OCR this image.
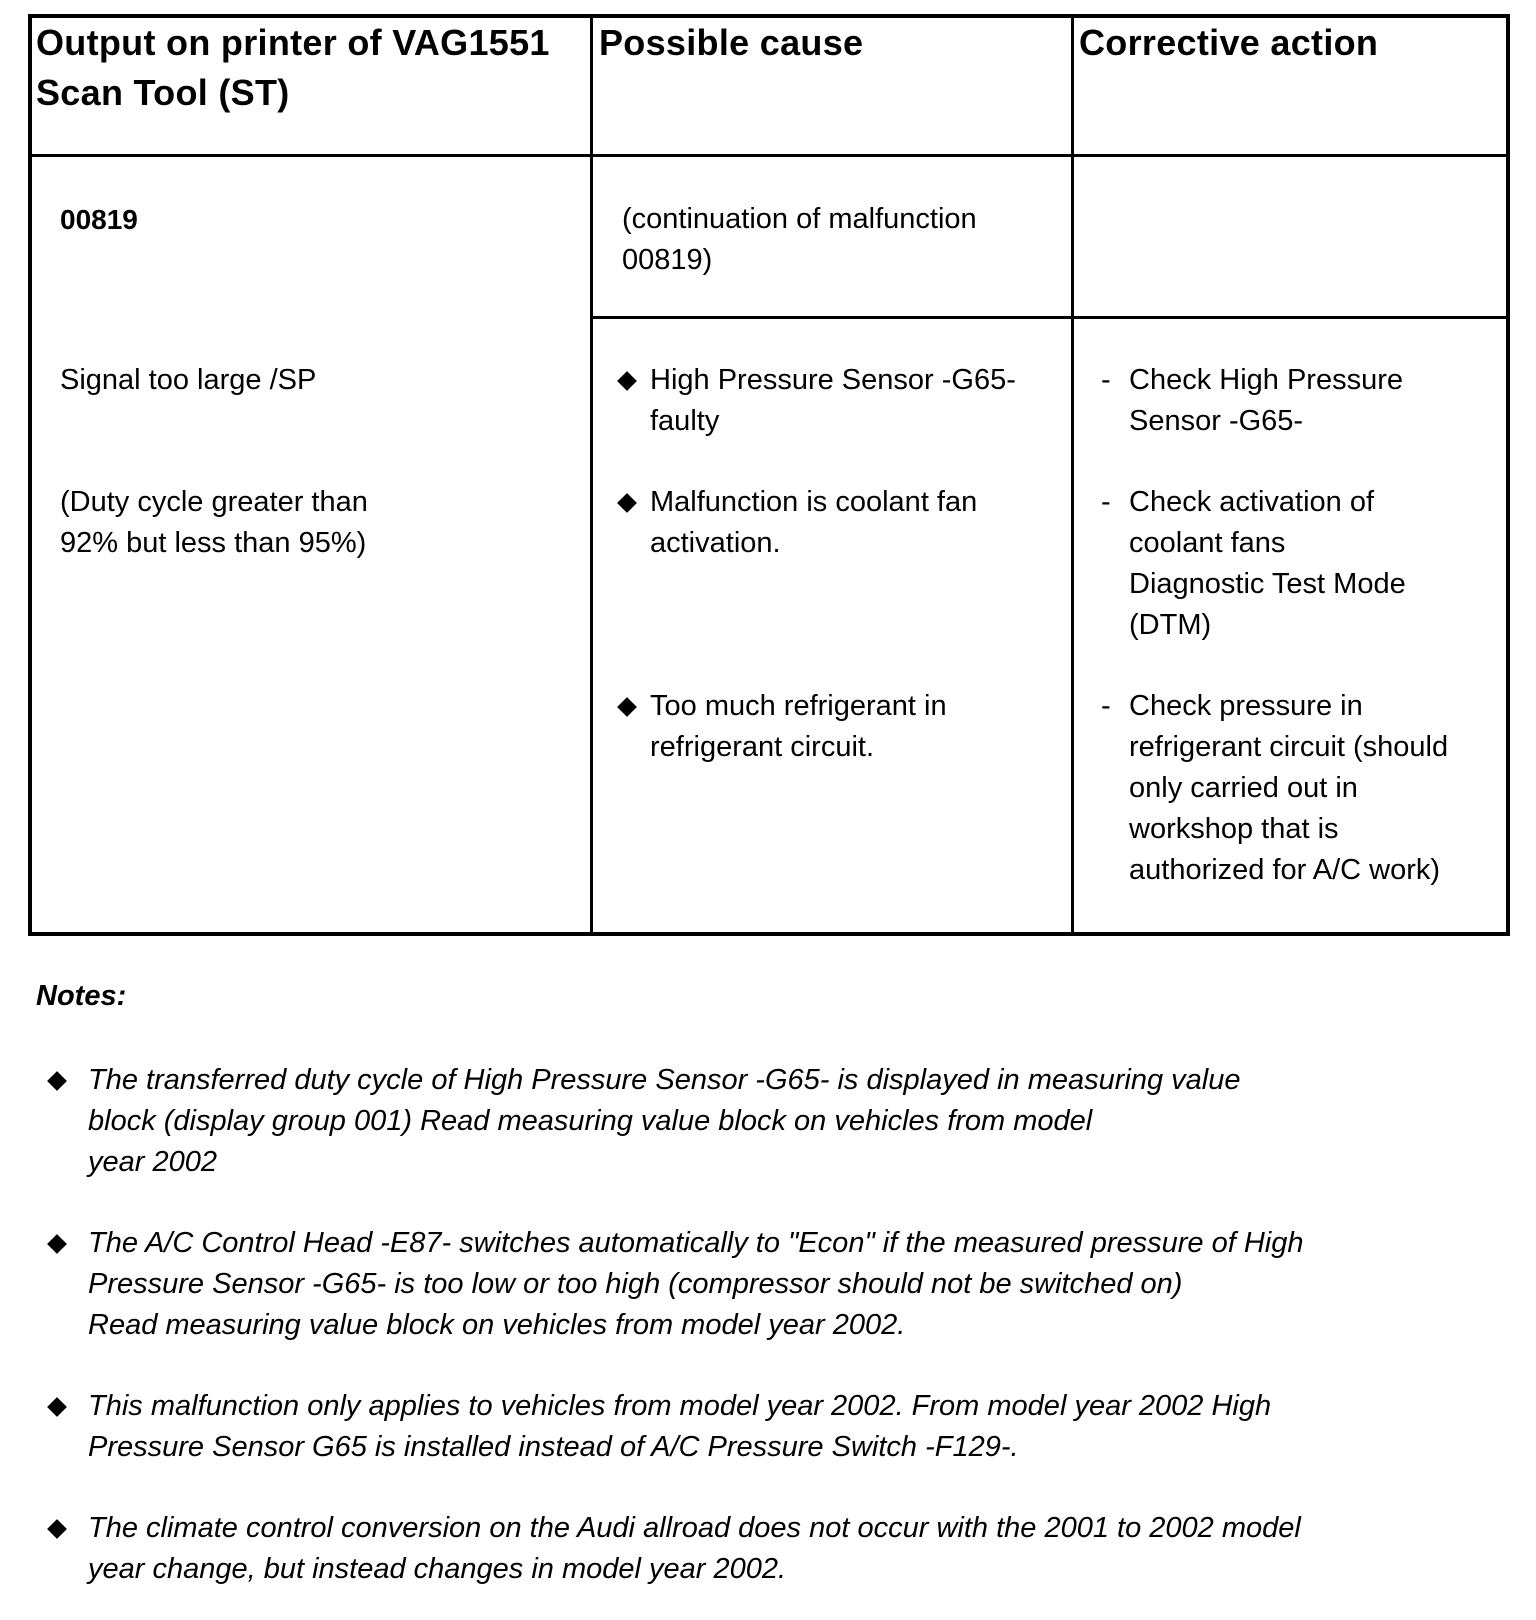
Output on printer of VAG1551
Scan Tool (ST)
Possible cause	Corrective action
00819
Signal too large /SP
(Duty cycle greater than
92% but less than 95%)
(continuation of malfunction
00819)
High Pressure Sensor -G65-
faulty
Malfunction is coolant fan
activation.
Too much refrigerant in
refrigerant circuit.
- Check High Pressure
Sensor -G65-
- Check activation of
coolant fans
Diagnostic Test Mode
(DTM)
- Check pressure in
refrigerant circuit (should
only carried out in
workshop that is
authorized for A/C work)
Notes:
The transferred duty cycle of High Pressure Sensor -G65- is displayed in measuring value
block (display group 001) Read measuring value block on vehicles from model
year 2002
The A/C Control Head -E87- switches automatically to "Econ" if the measured pressure of High
Pressure Sensor -G65- is too low or too high (compressor should not be switched on)
Read measuring value block on vehicles from model year 2002.
This malfunction only applies to vehicles from model year 2002. From model year 2002 High
Pressure Sensor G65 is installed instead of A/C Pressure Switch -F129-.
The climate control conversion on the Audi allroad does not occur with the 2001 to 2002 model
year change, but instead changes in model year 2002.
